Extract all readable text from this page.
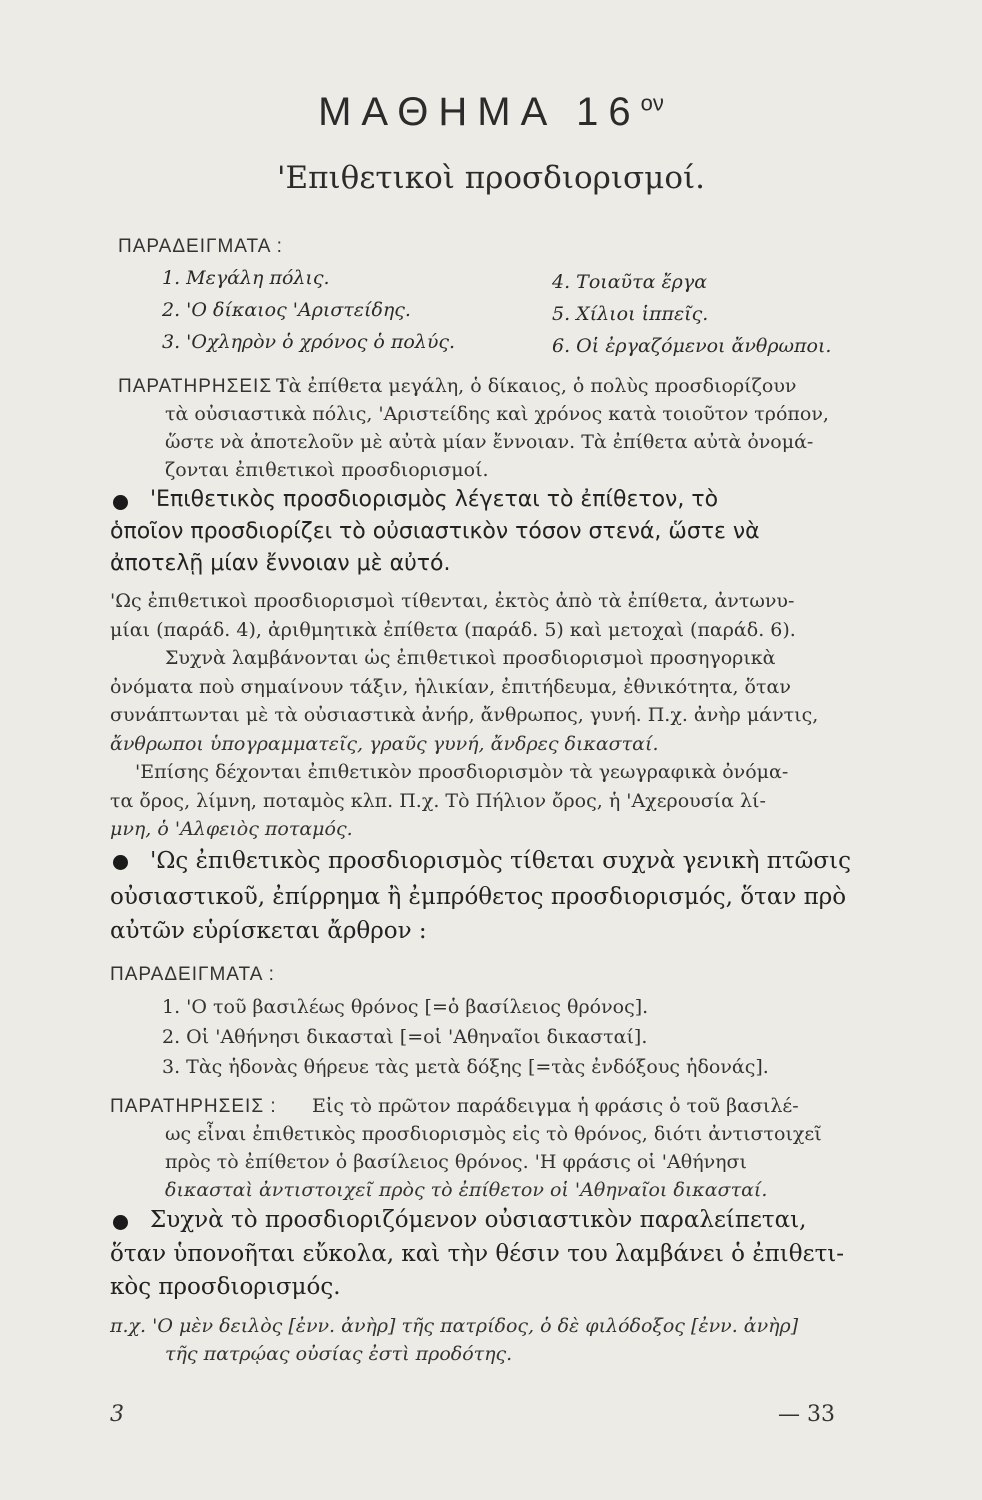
ΜΑΘΗΜΑ $16^{o\nu}$
'Επιθετικοὶ προσδιορισμοί.
ΠΑΡΑΔΕΙΓΜΑΤΑ :
1. Μεγάλη πόλις.
2. 'Ο δίκαιος 'Αριστείδης.
3. 'Οχληρὸν ὁ χρόνος ὁ πολύς.
4. Τοιαῦτα ἔργα
5. Χίλιοι ἱππεῖς.
6. Οἱ ἐργαζόμενοι ἄνθρωποι.
ΠΑΡΑΤΗΡΗΣΕΙΣ :
Τὰ ἐπίθετα μεγάλη, ὁ δίκαιος, ὁ πολὺς προσδιορίζουν
τὰ οὐσιαστικὰ πόλις, 'Αριστείδης καὶ χρόνος κατὰ τοιοῦτον τρόπον,
ὥστε νὰ ἀποτελοῦν μὲ αὐτὰ μίαν ἔννοιαν. Τὰ ἐπίθετα αὐτὰ ὀνομά-
ζονται ἐπιθετικοὶ προσδιορισμοί.
'Επιθετικὸς προσδιορισμὸς λέγεται τὸ ἐπίθετον, τὸ
ὁποῖον προσδιορίζει τὸ οὐσιαστικὸν τόσον στενά, ὥστε νὰ
ἀποτελῇ μίαν ἔννοιαν μὲ αὐτό.
'Ως ἐπιθετικοὶ προσδιορισμοὶ τίθενται, ἐκτὸς ἀπὸ τὰ ἐπίθετα, ἀντωνυ-
μίαι (παράδ. 4), ἀριθμητικὰ ἐπίθετα (παράδ. 5) καὶ μετοχαὶ (παράδ. 6).
Συχνὰ λαμβάνονται ὡς ἐπιθετικοὶ προσδιορισμοὶ προσηγορικὰ
ὀνόματα ποὺ σημαίνουν τάξιν, ἡλικίαν, ἐπιτήδευμα, ἐθνικότητα, ὅταν
συνάπτωνται μὲ τὰ οὐσιαστικὰ ἀνήρ, ἄνθρωπος, γυνή. Π.χ. ἀνὴρ μάντις,
ἄνθρωποι ὑπογραμματεῖς, γραῦς γυνή, ἄνδρες δικασταί.
'Επίσης δέχονται ἐπιθετικὸν προσδιορισμὸν τὰ γεωγραφικὰ ὀνόμα-
τα ὄρος, λίμνη, ποταμὸς κλπ. Π.χ. Τὸ Πήλιον ὄρος, ἡ 'Αχερουσία λί-
μνη, ὁ 'Αλφειὸς ποταμός.
'Ως ἐπιθετικὸς προσδιορισμὸς τίθεται συχνὰ γενικὴ πτῶσις
οὐσιαστικοῦ, ἐπίρρημα ἢ ἐμπρόθετος προσδιορισμός, ὅταν πρὸ
αὐτῶν εὑρίσκεται ἄρθρον :
ΠΑΡΑΔΕΙΓΜΑΤΑ :
1. 'Ο τοῦ βασιλέως θρόνος [=ὁ βασίλειος θρόνος].
2. Οἱ 'Αθήνησι δικασταὶ [=οἱ 'Αθηναῖοι δικασταί].
3. Τὰς ἡδονὰς θήρευε τὰς μετὰ δόξης [=τὰς ἐνδόξους ἡδονάς].
ΠΑΡΑΤΗΡΗΣΕΙΣ : Εἰς τὸ πρῶτον παράδειγμα ἡ φράσις ὁ τοῦ βασιλέ-
ως εἶναι ἐπιθετικὸς προσδιορισμὸς εἰς τὸ θρόνος, διότι ἀντιστοιχεῖ
πρὸς τὸ ἐπίθετον ὁ βασίλειος θρόνος. 'Η φράσις οἱ 'Αθήνησι
δικασταὶ ἀντιστοιχεῖ πρὸς τὸ ἐπίθετον οἱ 'Αθηναῖοι δικασταί.
Συχνὰ τὸ προσδιοριζόμενον οὐσιαστικὸν παραλείπεται,
ὅταν ὑπονοῆται εὔκολα, καὶ τὴν θέσιν του λαμβάνει ὁ ἐπιθετι-
κὸς προσδιορισμός.
π.χ. 'Ο μὲν δειλὸς [ἐνν. ἀνὴρ] τῆς πατρίδος, ὁ δὲ φιλόδοξος [ἐνν. ἀνὴρ]
τῆς πατρῴας οὐσίας ἐστὶ προδότης.
3	— 33
